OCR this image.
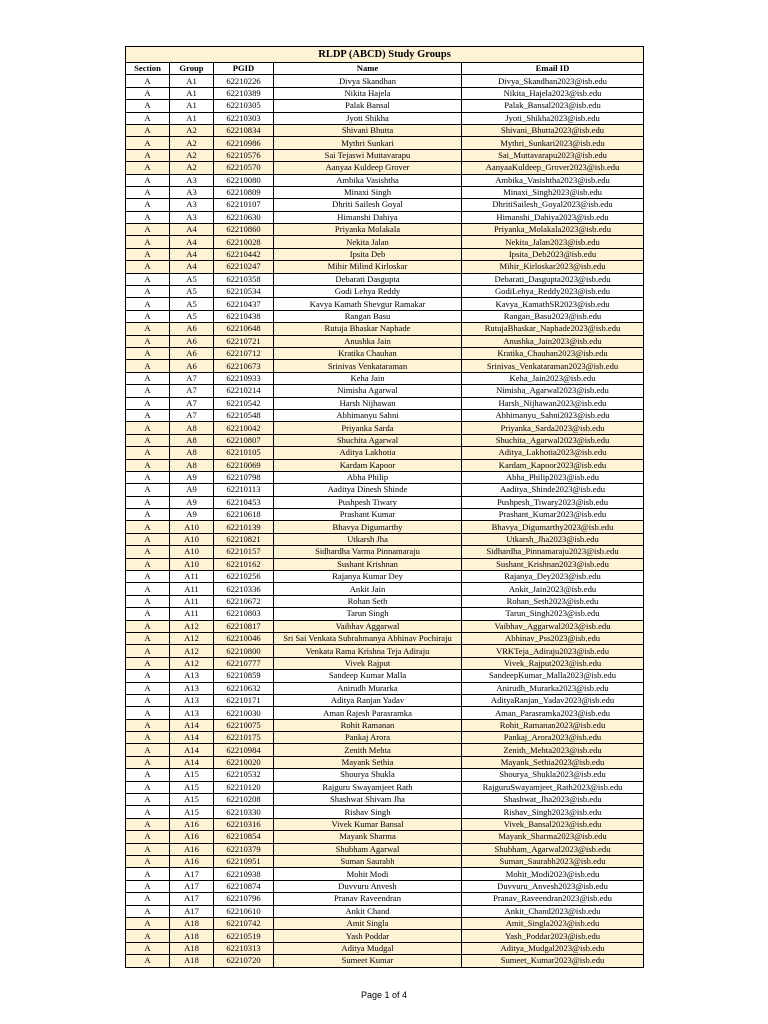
RLDP (ABCD) Study Groups				
Section	Group	PGID	Name	Email ID
A	A1	62210226	Divya Skandhan	Divya_Skandhan2023@isb.edu
A	A1	62210389	Nikita Hajela	Nikita_Hajela2023@isb.edu
A	A1	62210305	Palak Bansal	Palak_Bansal2023@isb.edu
A	A1	62210303	Jyoti Shikha	Jyoti_Shikha2023@isb.edu
A	A2	62210834	Shivani Bhutta	Shivani_Bhutta2023@isb.edu
A	A2	62210986	Mythri Sunkari	Mythri_Sunkari2023@isb.edu
A	A2	62210576	Sai Tejaswi Muttavarapu	Sai_Muttavarapu2023@isb.edu
A	A2	62210570	Aanyaa Kuldeep Grover	AanyaaKuldeep_Grover2023@isb.edu
A	A3	62210080	Ambika Vasishtha	Ambika_Vasishtha2023@isb.edu
A	A3	62210809	Minaxi Singh	Minaxi_Singh2023@isb.edu
A	A3	62210107	Dhriti Sailesh Goyal	DhritiSailesh_Goyal2023@isb.edu
A	A3	62210630	Himanshi Dahiya	Himanshi_Dahiya2023@isb.edu
A	A4	62210860	Priyanka Molakala	Priyanka_Molakala2023@isb.edu
A	A4	62210028	Nekita Jalan	Nekita_Jalan2023@isb.edu
A	A4	62210442	Ipsita Deb	Ipsita_Deb2023@isb.edu
A	A4	62210247	Mihir Milind Kirloskar	Mihir_Kirloskar2023@isb.edu
A	A5	62210358	Debarati Dasgupta	Debarati_Dasgupta2023@isb.edu
A	A5	62210534	Godi Lehya Reddy	GodiLehya_Reddy2023@isb.edu
A	A5	62210437	Kavya Kamath Shevgur Ramakar	Kavya_KamathSR2023@isb.edu
A	A5	62210438	Rangan Basu	Rangan_Basu2023@isb.edu
A	A6	62210648	Rutuja Bhaskar Naphade	RutujaBhaskar_Naphade2023@isb.edu
A	A6	62210721	Anushka Jain	Anushka_Jain2023@isb.edu
A	A6	62210712	Kratika Chauhan	Kratika_Chauhan2023@isb.edu
A	A6	62210673	Srinivas Venkataraman	Srinivas_Venkataraman2023@isb.edu
A	A7	62210933	Keha Jain	Keha_Jain2023@isb.edu
A	A7	62210214	Nimisha Agarwal	Nimisha_Agarwal2023@isb.edu
A	A7	62210542	Harsh Nijhawan	Harsh_Nijhawan2023@isb.edu
A	A7	62210548	Abhimanyu Sahni	Abhimanyu_Sahni2023@isb.edu
A	A8	62210042	Priyanka Sarda	Priyanka_Sarda2023@isb.edu
A	A8	62210807	Shuchita Agarwal	Shuchita_Agarwal2023@isb.edu
A	A8	62210105	Aditya Lakhotia	Aditya_Lakhotia2023@isb.edu
A	A8	62210069	Kardam Kapoor	Kardam_Kapoor2023@isb.edu
A	A9	62210798	Abha Philip	Abha_Philip2023@isb.edu
A	A9	62210113	Aaditya Dinesh Shinde	Aaditya_Shinde2023@isb.edu
A	A9	62210453	Pushpesh Tiwary	Pushpesh_Tiwary2023@isb.edu
A	A9	62210618	Prashant Kumar	Prashant_Kumar2023@isb.edu
A	A10	62210139	Bhavya Digumarthy	Bhavya_Digumarthy2023@isb.edu
A	A10	62210821	Utkarsh Jha	Utkarsh_Jha2023@isb.edu
A	A10	62210157	Sidhardha Varma Pinnamaraju	Sidhardha_Pinnamaraju2023@isb.edu
A	A10	62210162	Sushant Krishnan	Sushant_Krishnan2023@isb.edu
A	A11	62210256	Rajanya Kumar Dey	Rajanya_Dey2023@isb.edu
A	A11	62210336	Ankit Jain	Ankit_Jain2023@isb.edu
A	A11	62210672	Rohan Seth	Rohan_Seth2023@isb.edu
A	A11	62210803	Tarun Singh	Tarun_Singh2023@isb.edu
A	A12	62210817	Vaibhav Aggarwal	Vaibhav_Aggarwal2023@isb.edu
A	A12	62210046	Sri Sai Venkata Subrahmanya Abhinav Pochiraju	Abhinav_Pss2023@isb.edu
A	A12	62210800	Venkata Rama Krishna Teja Adiraju	VRKTeja_Adiraju2023@isb.edu
A	A12	62210777	Vivek Rajput	Vivek_Rajput2023@isb.edu
A	A13	62210859	Sandeep Kumar Malla	SandeepKumar_Malla2023@isb.edu
A	A13	62210632	Anirudh Murarka	Anirudh_Murarka2023@isb.edu
A	A13	62210171	Aditya Ranjan Yadav	AdityaRanjan_Yadav2023@isb.edu
A	A13	62210030	Aman Rajesh Parasramka	Aman_Parasramka2023@isb.edu
A	A14	62210075	Rohit Ramanan	Rohit_Ramanan2023@isb.edu
A	A14	62210175	Pankaj Arora	Pankaj_Arora2023@isb.edu
A	A14	62210984	Zenith Mehta	Zenith_Mehta2023@isb.edu
A	A14	62210020	Mayank Sethia	Mayank_Sethia2023@isb.edu
A	A15	62210532	Shourya Shukla	Shourya_Shukla2023@isb.edu
A	A15	62210120	Rajguru Swayamjeet Rath	RajguruSwayamjeet_Rath2023@isb.edu
A	A15	62210208	Shashwat Shivam Jha	Shashwat_Jha2023@isb.edu
A	A15	62210330	Rishav Singh	Rishav_Singh2023@isb.edu
A	A16	62210316	Vivek Kumar Bansal	Vivek_Bansal2023@isb.edu
A	A16	62210854	Mayank Sharma	Mayank_Sharma2023@isb.edu
A	A16	62210379	Shubham Agarwal	Shubham_Agarwal2023@isb.edu
A	A16	62210951	Suman Saurabh	Suman_Saurabh2023@isb.edu
A	A17	62210938	Mohit Modi	Mohit_Modi2023@isb.edu
A	A17	62210874	Duvvuru Anvesh	Duvvuru_Anvesh2023@isb.edu
A	A17	62210796	Pranav Raveendran	Pranav_Raveendran2023@isb.edu
A	A17	62210610	Ankit Chand	Ankit_Chand2023@isb.edu
A	A18	62210742	Amit Singla	Amit_Singla2023@isb.edu
A	A18	62210519	Yash Poddar	Yash_Poddar2023@isb.edu
A	A18	62210313	Aditya Mudgal	Aditya_Mudgal2023@isb.edu
A	A18	62210720	Sumeet Kumar	Sumeet_Kumar2023@isb.edu
Page 1 of 4
